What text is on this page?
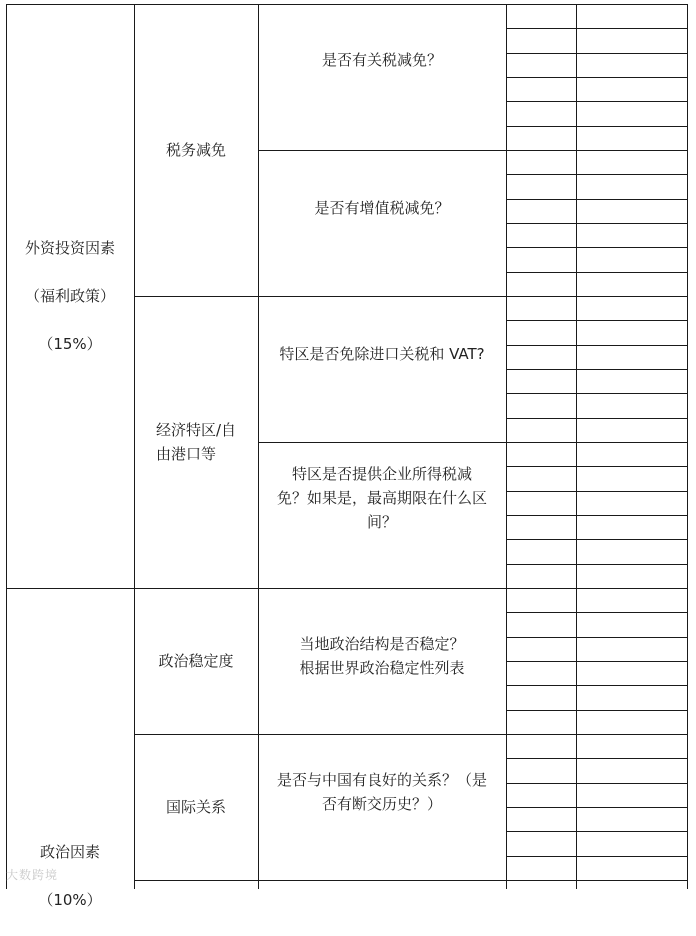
外资投资因素

（福利政策）

（15%）

政治因素

（10%）

税务减免
经济特区/自
由港口等
政治稳定度
国际关系
是否有关税减免？
是否有增值税减免？
特区是否免除进口关税和 VAT?
特区是否提供企业所得税减
免？如果是，最高期限在什么区
间？
当地政治结构是否稳定？
根据世界政治稳定性列表
是否与中国有良好的关系？（是
否有断交历史？）
大数跨境
